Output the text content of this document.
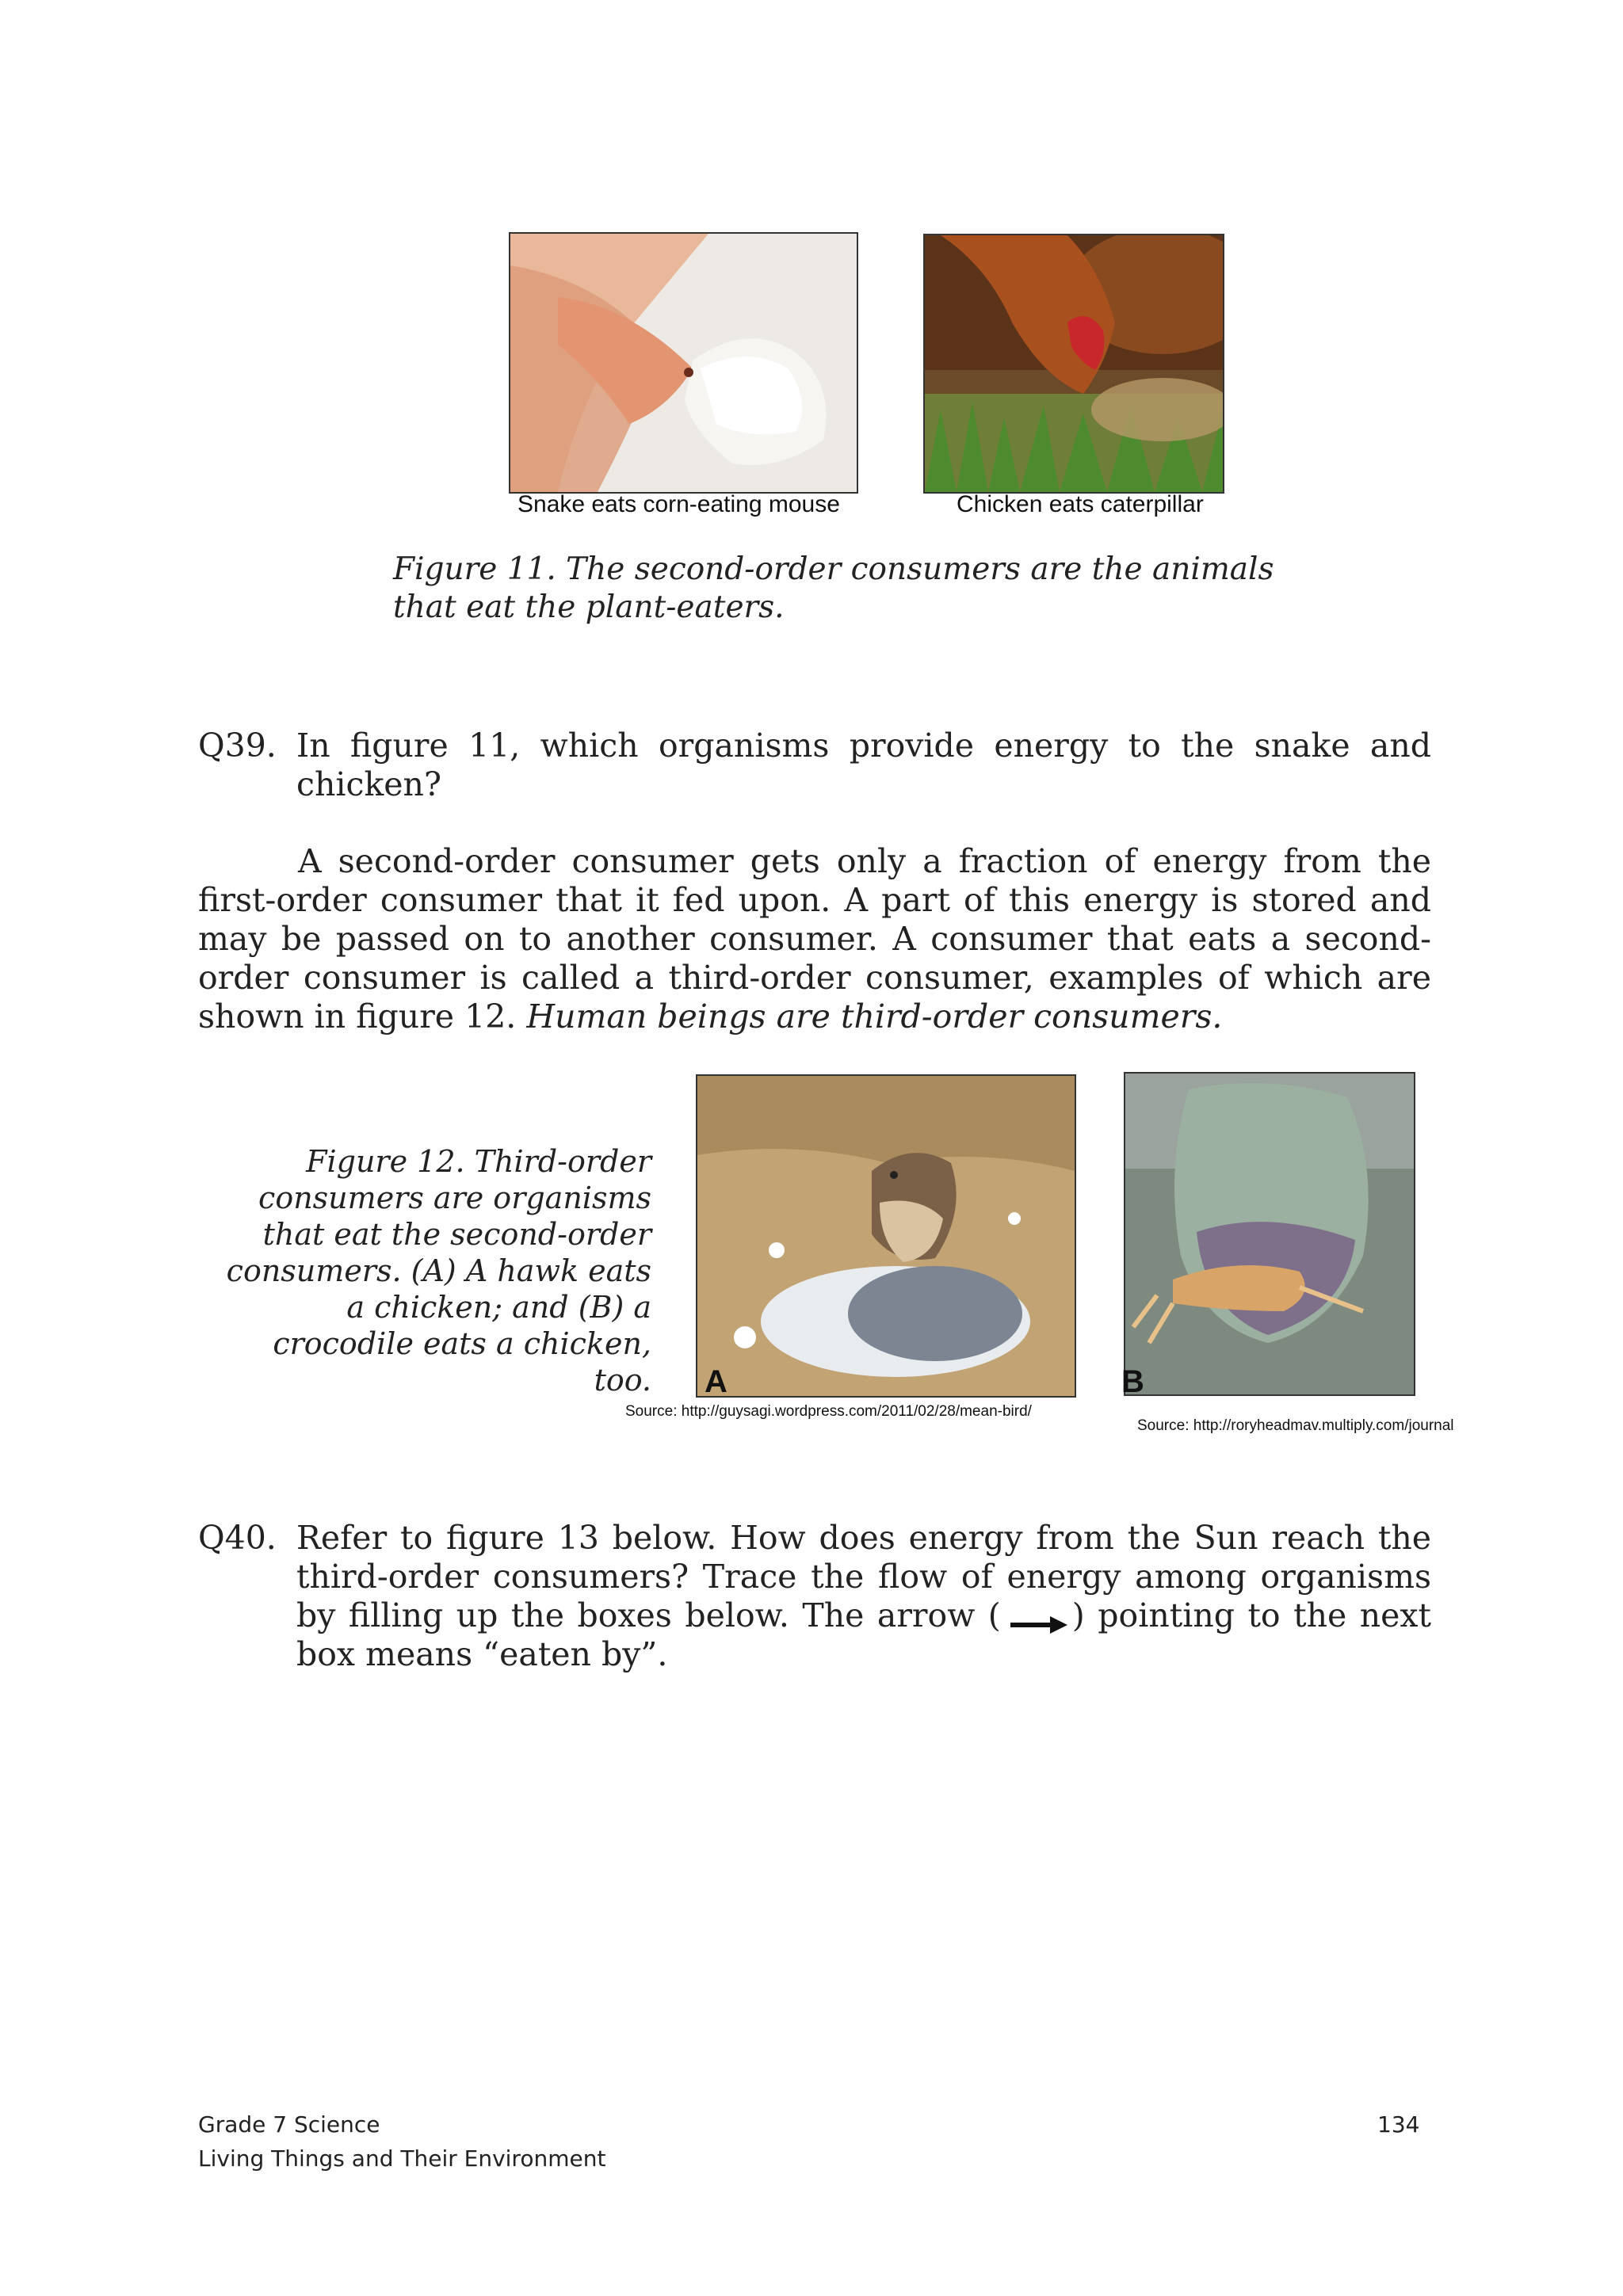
Snake eats corn-eating mouse	Chicken eats caterpillar
Figure 11. The second-order consumers are the animals that eat the plant-eaters.
Q39. In figure 11, which organisms provide energy to the snake and chicken?
A second-order consumer gets only a fraction of energy from the first-order consumer that it fed upon. A part of this energy is stored and may be passed on to another consumer. A consumer that eats a second-order consumer is called a third-order consumer, examples of which are shown in figure 12. Human beings are third-order consumers.
Figure 12. Third-order consumers are organisms that eat the second-order consumers. (A) A hawk eats a chicken; and (B) a crocodile eats a chicken, too. A	B
Source: http://guysagi.wordpress.com/2011/02/28/mean-bird/
Source: http://roryheadmav.multiply.com/journal
Q40. Refer to figure 13 below. How does energy from the Sun reach the third-order consumers? Trace the flow of energy among organisms by filling up the boxes below. The arrow ( ) pointing to the next box means “eaten by”.
Grade 7 Science
Living Things and Their Environment
134
